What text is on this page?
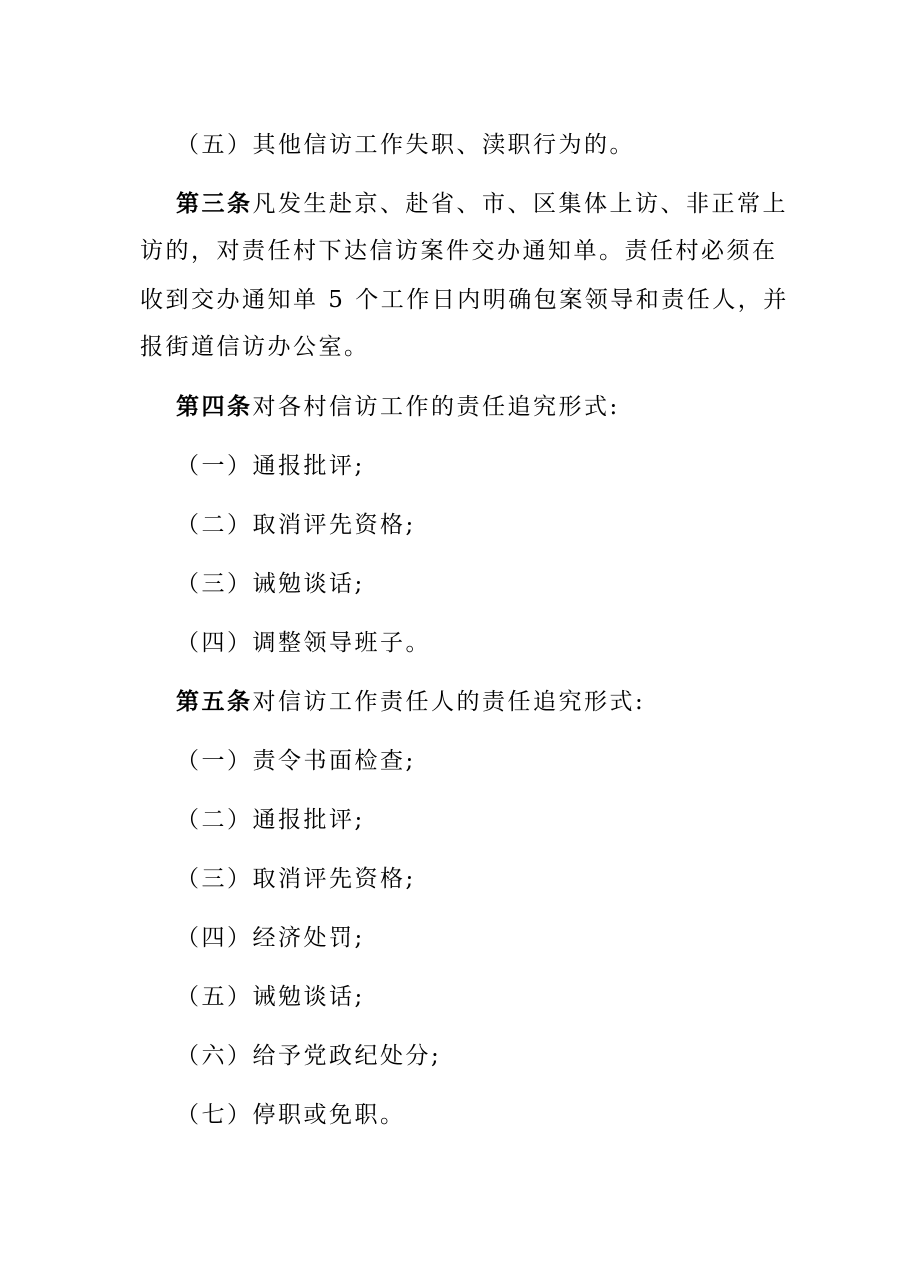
（五）其他信访工作失职、渎职行为的。
第三条凡发生赴京、赴省、市、区集体上访、非正常上
访的，对责任村下达信访案件交办通知单。责任村必须在
收到交办通知单 5 个工作日内明确包案领导和责任人，并
报街道信访办公室。
第四条对各村信访工作的责任追究形式:
（一）通报批评;
（二）取消评先资格;
（三）诫勉谈话;
（四）调整领导班子。
第五条对信访工作责任人的责任追究形式:
（一）责令书面检查;
（二）通报批评;
（三）取消评先资格;
（四）经济处罚;
（五）诫勉谈话;
（六）给予党政纪处分;
（七）停职或免职。
